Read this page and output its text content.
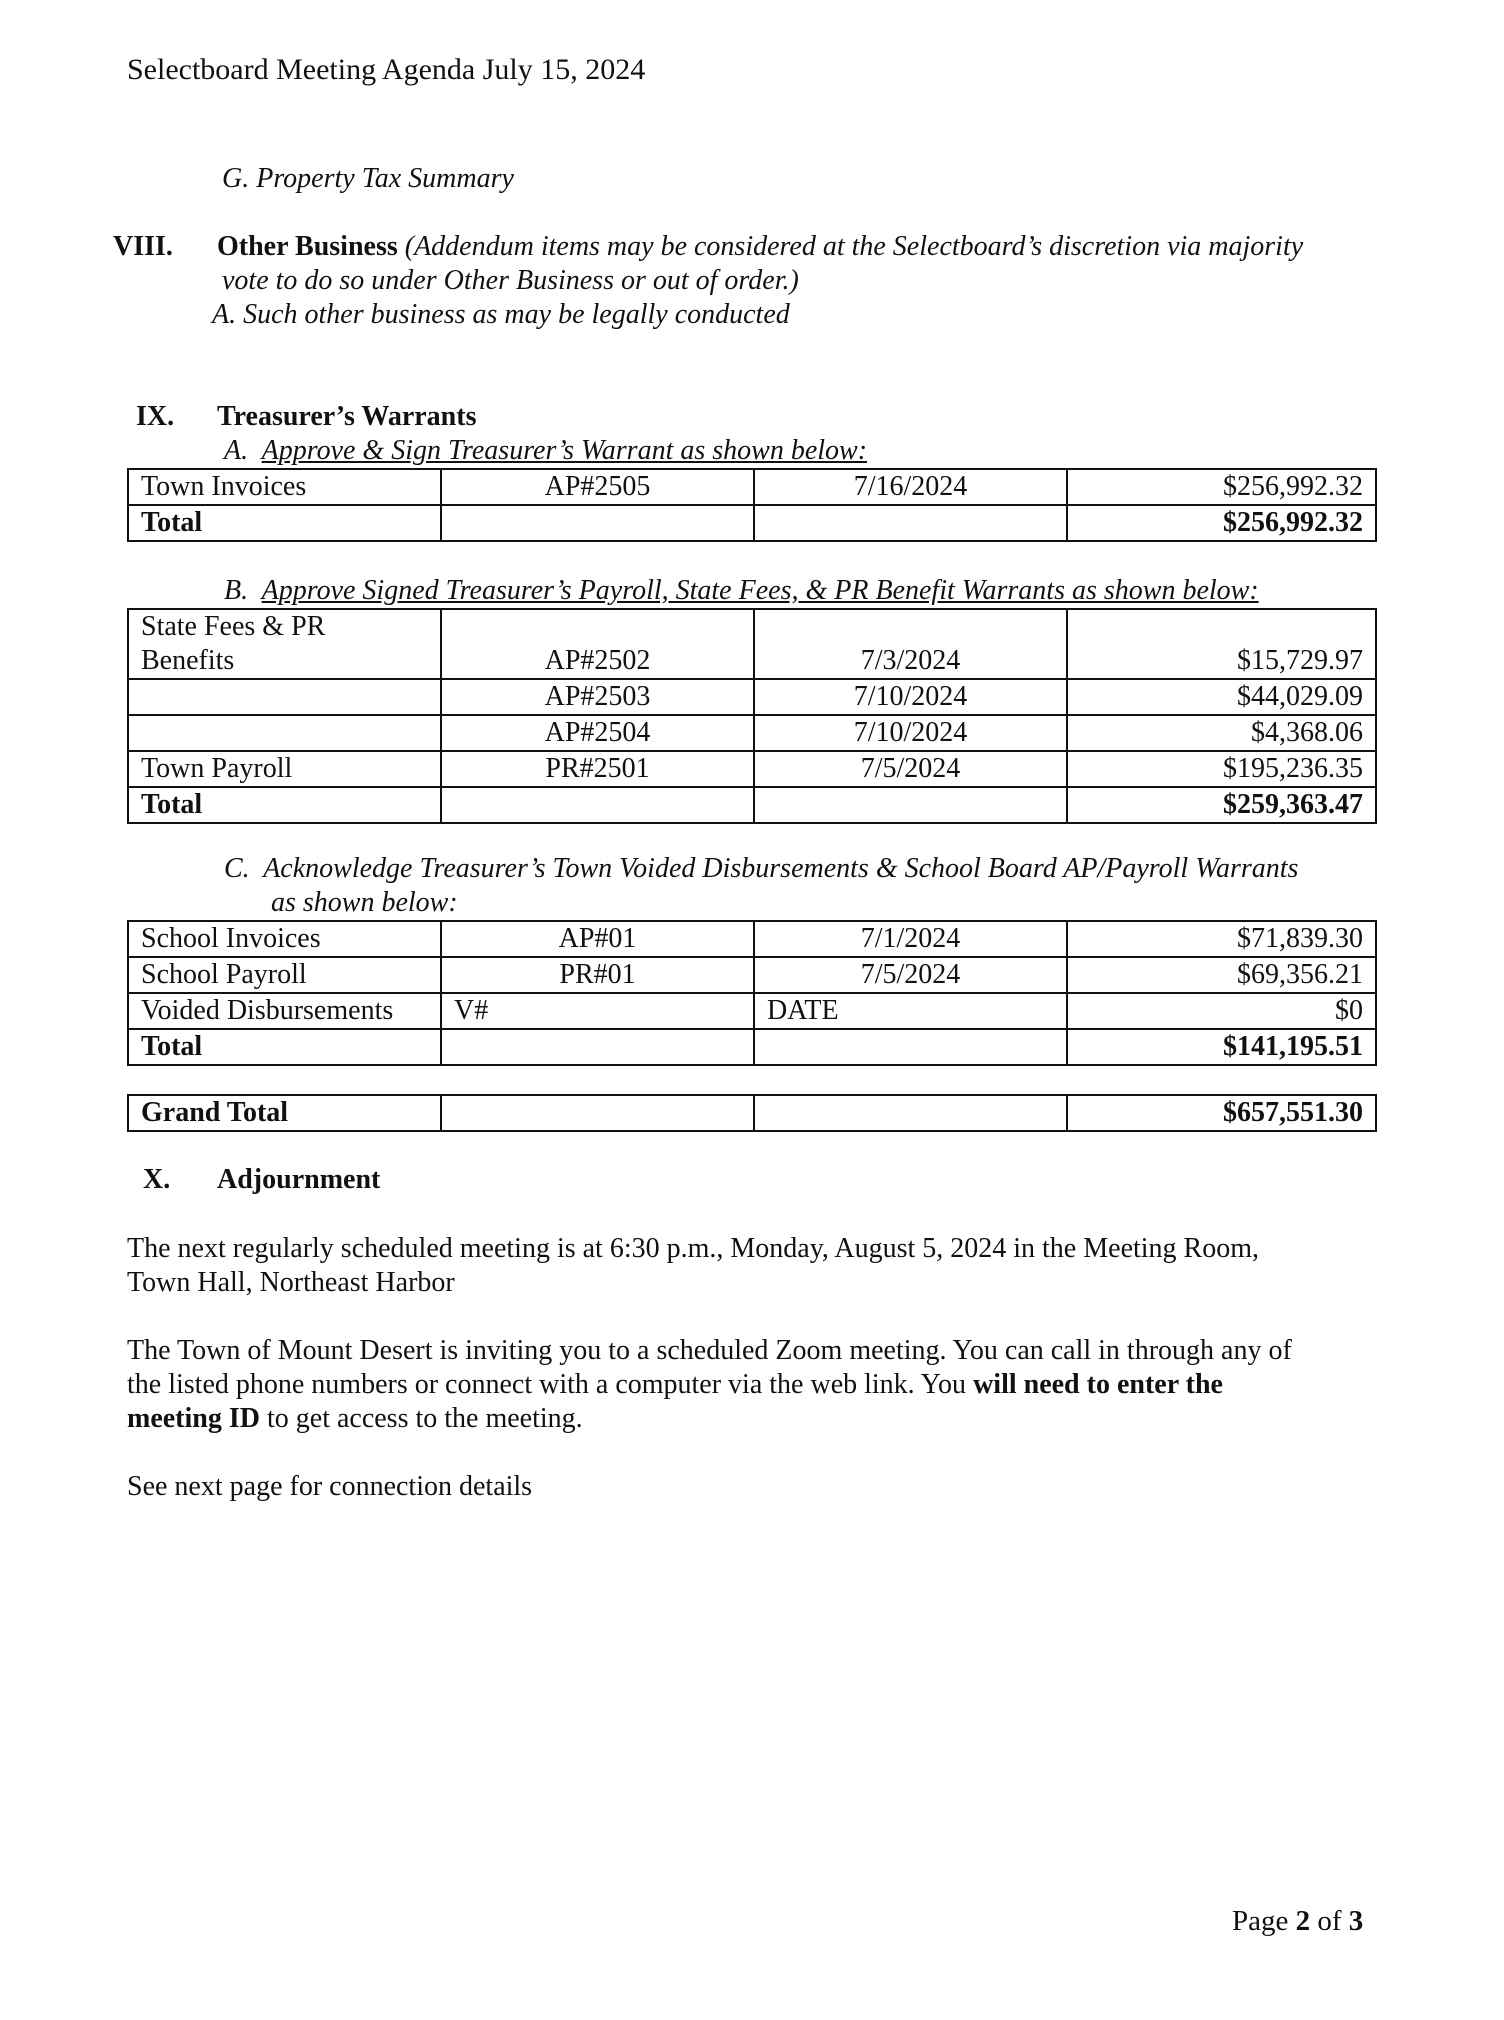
Selectboard Meeting Agenda July 15, 2024
G. Property Tax Summary
VIII. Other Business (Addendum items may be considered at the Selectboard’s discretion via majority
vote to do so under Other Business or out of order.)
A. Such other business as may be legally conducted
IX. Treasurer’s Warrants
A. Approve & Sign Treasurer’s Warrant as shown below:
Town Invoices	AP#2505	7/16/2024	$256,992.32
Total			$256,992.32
B. Approve Signed Treasurer’s Payroll, State Fees, & PR Benefit Warrants as shown below:
State Fees & PR
Benefits	AP#2502	7/3/2024	$15,729.97
	AP#2503	7/10/2024	$44,029.09
	AP#2504	7/10/2024	$4,368.06
Town Payroll	PR#2501	7/5/2024	$195,236.35
Total			$259,363.47
C. Acknowledge Treasurer’s Town Voided Disbursements & School Board AP/Payroll Warrants
as shown below:
School Invoices	AP#01	7/1/2024	$71,839.30
School Payroll	PR#01	7/5/2024	$69,356.21
Voided Disbursements	V#	DATE	$0
Total			$141,195.51
Grand Total			$657,551.30
X. Adjournment

The next regularly scheduled meeting is at 6:30 p.m., Monday, August 5, 2024 in the Meeting Room,
Town Hall, Northeast Harbor

The Town of Mount Desert is inviting you to a scheduled Zoom meeting. You can call in through any of
the listed phone numbers or connect with a computer via the web link. You will need to enter the
meeting ID to get access to the meeting.

See next page for connection details

Page 2 of 3
